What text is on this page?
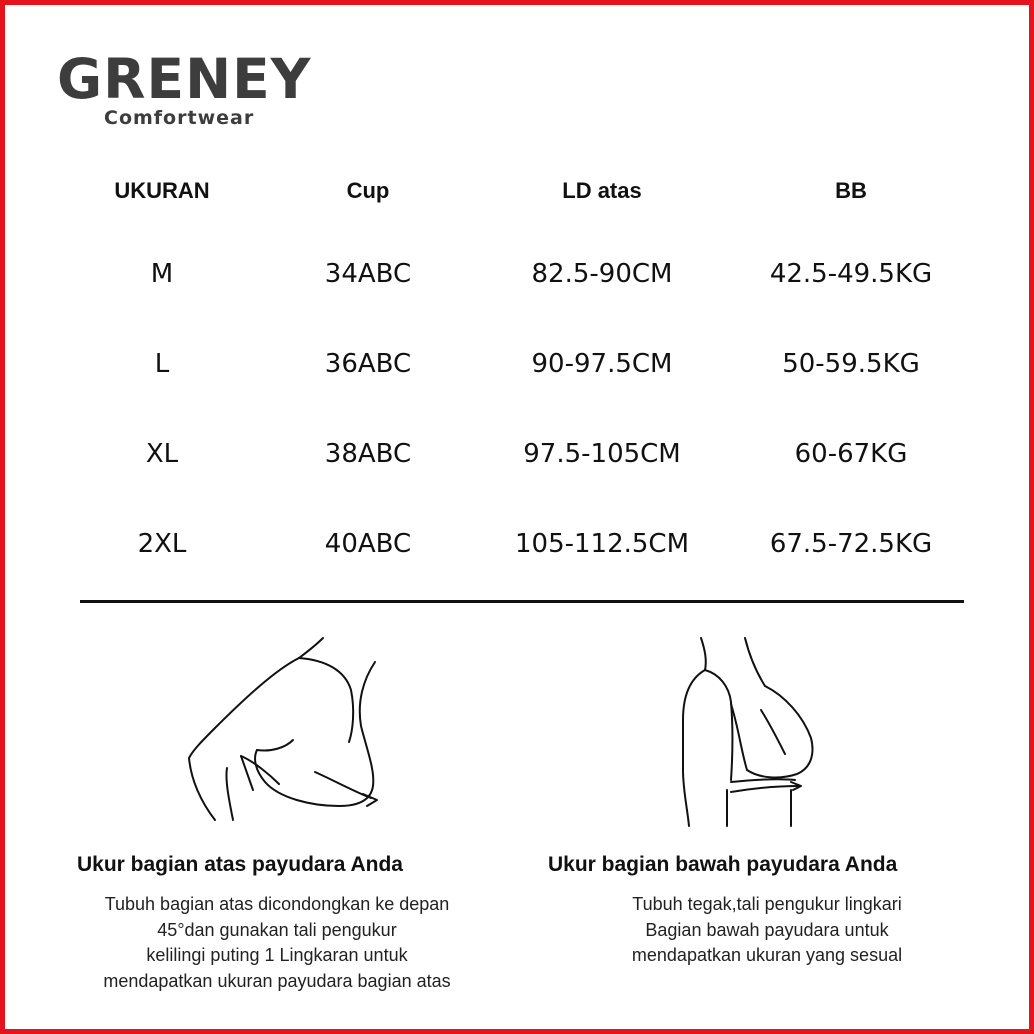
GRENEY
Comfortwear
UKURAN	Cup	LD atas	BB
M	34ABC	82.5-90CM	42.5-49.5KG
L	36ABC	90-97.5CM	50-59.5KG
XL	38ABC	97.5-105CM	60-67KG
2XL	40ABC	105-112.5CM	67.5-72.5KG
Ukur bagian atas payudara Anda
Tubuh bagian atas dicondongkan ke depan
45°dan gunakan tali pengukur
kelilingi puting 1 Lingkaran untuk
mendapatkan ukuran payudara bagian atas
Ukur bagian bawah payudara Anda
Tubuh tegak,tali pengukur lingkari
Bagian bawah payudara untuk
mendapatkan ukuran yang sesual
